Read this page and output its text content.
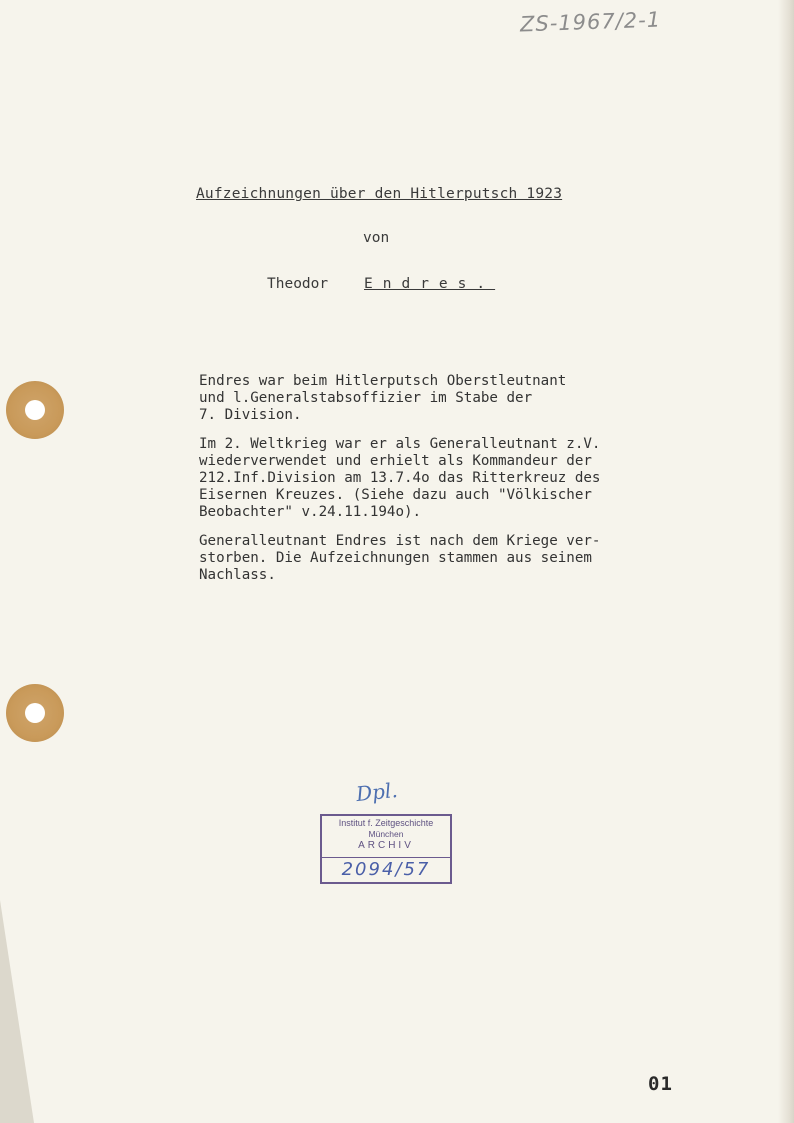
ZS-1967/2-1
Aufzeichnungen über den Hitlerputsch 1923
von
Theodor Endres.

Endres war beim Hitlerputsch Oberstleutnant
und l.Generalstabsoffizier im Stabe der
7. Division.

Im 2. Weltkrieg war er als Generalleutnant z.V.
wiederverwendet und erhielt als Kommandeur der
212.Inf.Division am 13.7.4o das Ritterkreuz des
Eisernen Kreuzes. (Siehe dazu auch "Völkischer
Beobachter" v.24.11.194o).

Generalleutnant Endres ist nach dem Kriege ver-
storben. Die Aufzeichnungen stammen aus seinem
Nachlass.

Dpl.
Institut f. Zeitgeschichte
München
ARCHIV
2094/57
01
